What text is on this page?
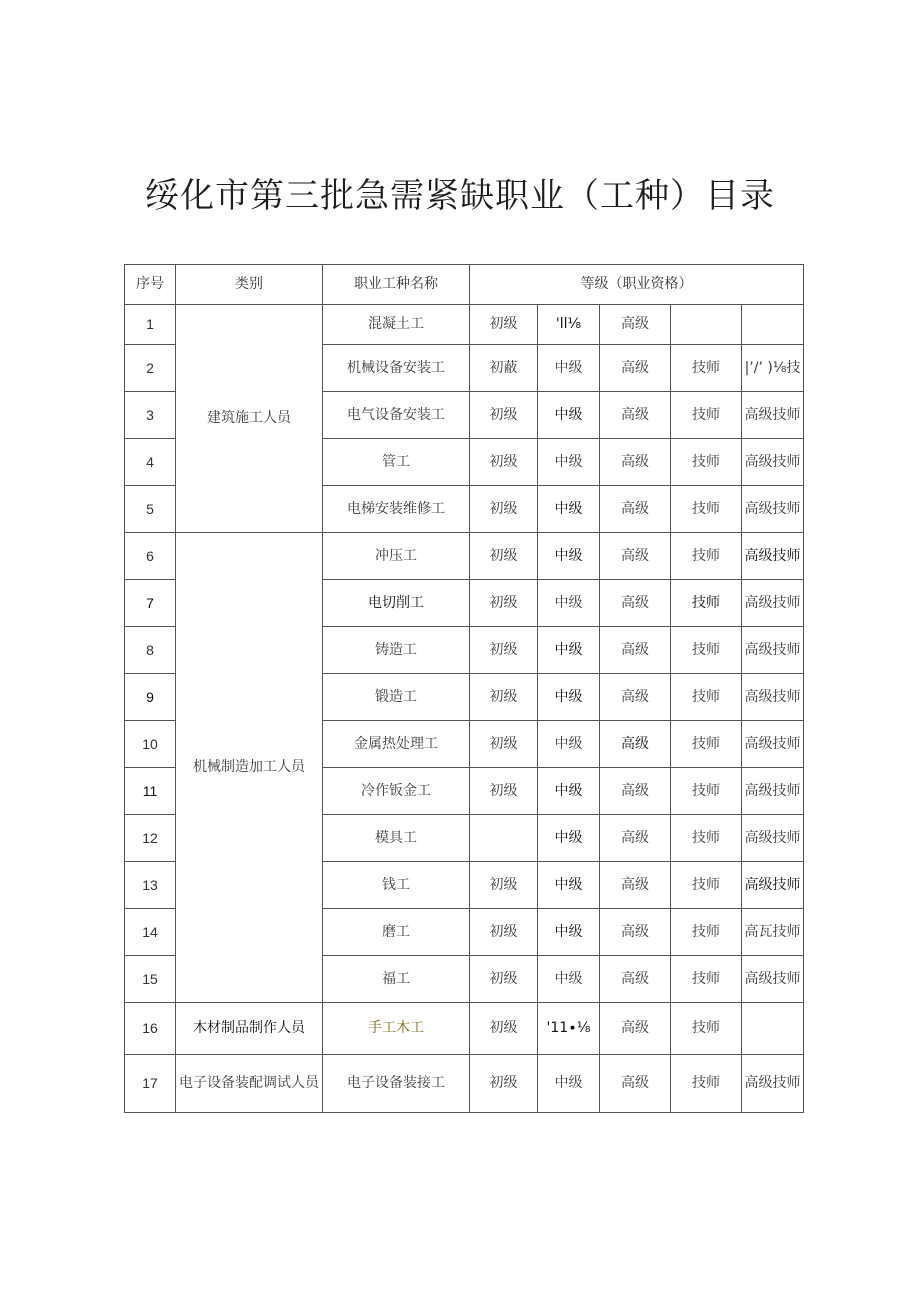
绥化市第三批急需紧缺职业（工种）目录
序号	类别	职业工种名称	等级（职业资格）				
1	建筑施工人员	混凝土工	初级	'll⅛	高级		
2		机械设备安装工	初蔽	中级	高级	技师	|’/’ )⅛技
3		电气设备安装工	初级	中级	高级	技师	高级技师
4		管工	初级	中级	高级	技师	高级技师
5		电梯安装维修工	初级	中级	高级	技师	高级技师
6	机械制造加工人员	冲压工	初级	中级	高级	技师	高级技师
7		电切削工	初级	中级	高级	技师	高级技师
8		铸造工	初级	中级	高级	技师	高级技师
9		锻造工	初级	中级	高级	技师	高级技师
10		金属热处理工	初级	中级	高级	技师	高级技师
11		冷作钣金工	初级	中级	高级	技师	高级技师
12		模具工		中级	高级	技师	高级技师
13		钱工	初级	中级	高级	技师	高级技师
14		磨工	初级	中级	高级	技师	高瓦技师
15		福工	初级	中级	高级	技师	高级技师
16	木材制品制作人员	手工木工	初级	'11∙⅛	高级	技师	
17	电子设备装配调试人员	电子设备装接工	初级	中级	高级	技师	高级技师
